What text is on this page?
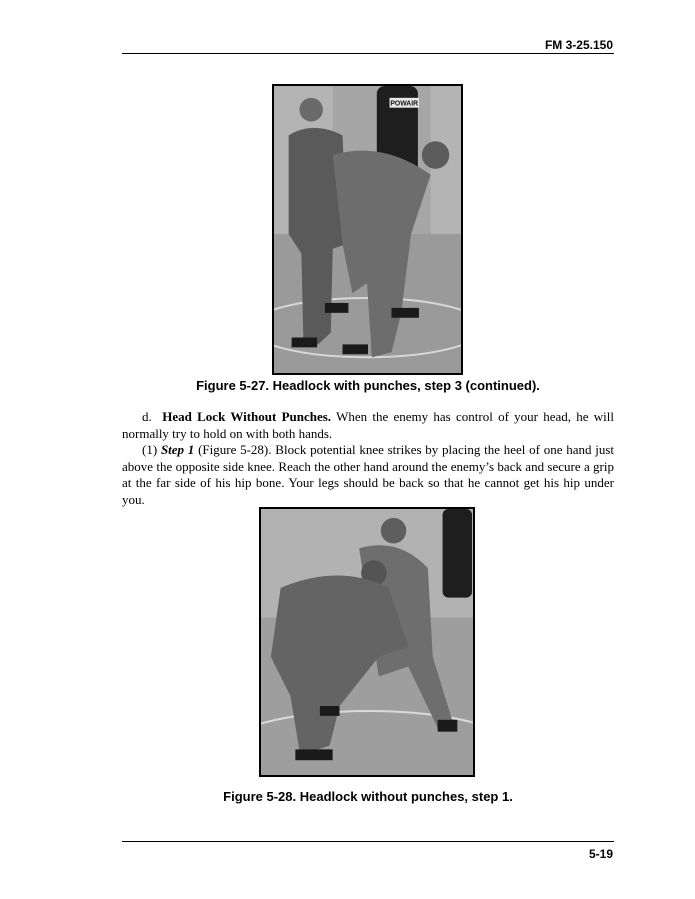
FM 3-25.150
POWAIR
Figure 5-27. Headlock with punches, step 3 (continued).

d. Head Lock Without Punches. When the enemy has control of your head, he will normally try to hold on with both hands.

(1) Step 1 (Figure 5-28). Block potential knee strikes by placing the heel of one hand just above the opposite side knee. Reach the other hand around the enemy’s back and secure a grip at the far side of his hip bone. Your legs should be back so that he cannot get his hip under you.

Figure 5-28. Headlock without punches, step 1.
5-19
